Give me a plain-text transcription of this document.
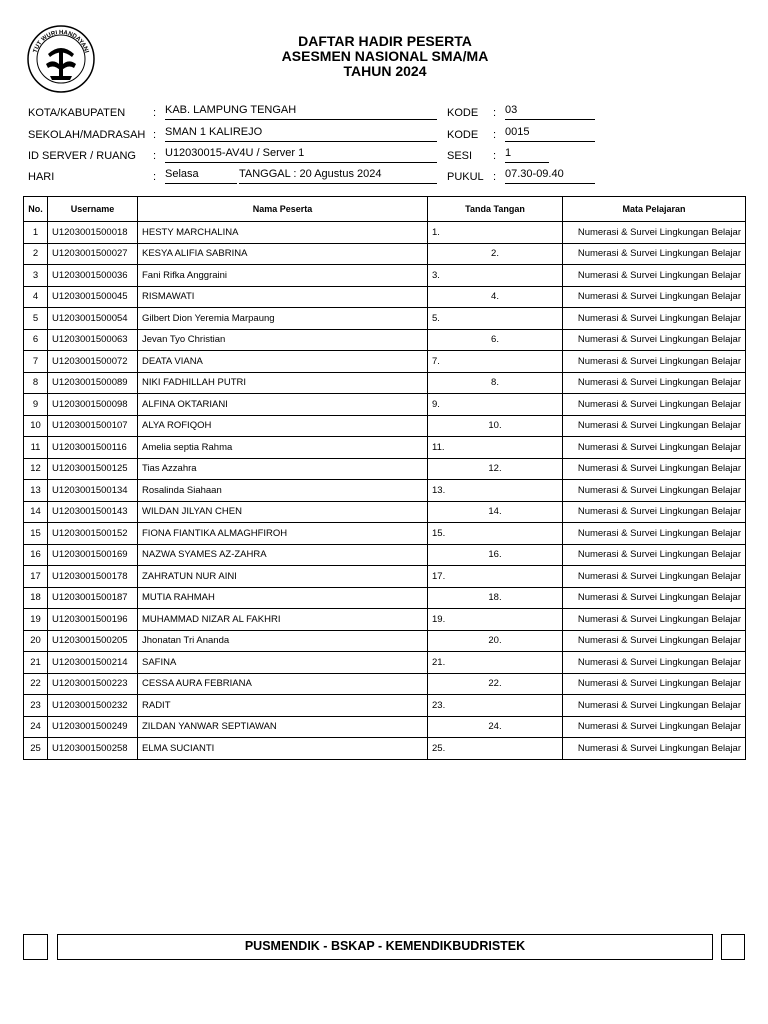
TUT WURI HANDAYANI
DAFTAR HADIR PESERTA
ASESMEN NASIONAL SMA/MA
TAHUN 2024
KOTA/KABUPATEN	: KAB. LAMPUNG TENGAH	KODE : 03
SEKOLAH/MADRASAH : SMAN 1 KALIREJO	KODE : 0015
ID SERVER / RUANG : U12030015-AV4U / Server 1	SESI : 1
HARI	: Selasa	TANGGAL : 20 Agustus 2024	PUKUL : 07.30-09.40
No.	Username	Nama Peserta	Tanda Tangan	Mata Pelajaran
1	U1203001500018	HESTY MARCHALINA	1.	Numerasi & Survei Lingkungan Belajar
2	U1203001500027	KESYA ALIFIA SABRINA	2.	Numerasi & Survei Lingkungan Belajar
3	U1203001500036	Fani Rifka Anggraini	3.	Numerasi & Survei Lingkungan Belajar
4	U1203001500045	RISMAWATI	4.	Numerasi & Survei Lingkungan Belajar
5	U1203001500054	Gilbert Dion Yeremia Marpaung	5.	Numerasi & Survei Lingkungan Belajar
6	U1203001500063	Jevan Tyo Christian	6.	Numerasi & Survei Lingkungan Belajar
7	U1203001500072	DEATA VIANA	7.	Numerasi & Survei Lingkungan Belajar
8	U1203001500089	NIKI FADHILLAH PUTRI	8.	Numerasi & Survei Lingkungan Belajar
9	U1203001500098	ALFINA OKTARIANI	9.	Numerasi & Survei Lingkungan Belajar
10	U1203001500107	ALYA ROFIQOH	10.	Numerasi & Survei Lingkungan Belajar
11	U1203001500116	Amelia septia Rahma	11.	Numerasi & Survei Lingkungan Belajar
12	U1203001500125	Tias Azzahra	12.	Numerasi & Survei Lingkungan Belajar
13	U1203001500134	Rosalinda Siahaan	13.	Numerasi & Survei Lingkungan Belajar
14	U1203001500143	WILDAN JILYAN CHEN	14.	Numerasi & Survei Lingkungan Belajar
15	U1203001500152	FIONA FIANTIKA ALMAGHFIROH	15.	Numerasi & Survei Lingkungan Belajar
16	U1203001500169	NAZWA SYAMES AZ-ZAHRA	16.	Numerasi & Survei Lingkungan Belajar
17	U1203001500178	ZAHRATUN NUR AINI	17.	Numerasi & Survei Lingkungan Belajar
18	U1203001500187	MUTIA RAHMAH	18.	Numerasi & Survei Lingkungan Belajar
19	U1203001500196	MUHAMMAD NIZAR AL FAKHRI	19.	Numerasi & Survei Lingkungan Belajar
20	U1203001500205	Jhonatan Tri Ananda	20.	Numerasi & Survei Lingkungan Belajar
21	U1203001500214	SAFINA	21.	Numerasi & Survei Lingkungan Belajar
22	U1203001500223	CESSA AURA FEBRIANA	22.	Numerasi & Survei Lingkungan Belajar
23	U1203001500232	RADIT	23.	Numerasi & Survei Lingkungan Belajar
24	U1203001500249	ZILDAN YANWAR SEPTIAWAN	24.	Numerasi & Survei Lingkungan Belajar
25	U1203001500258	ELMA SUCIANTI	25.	Numerasi & Survei Lingkungan Belajar
PUSMENDIK - BSKAP - KEMENDIKBUDRISTEK
